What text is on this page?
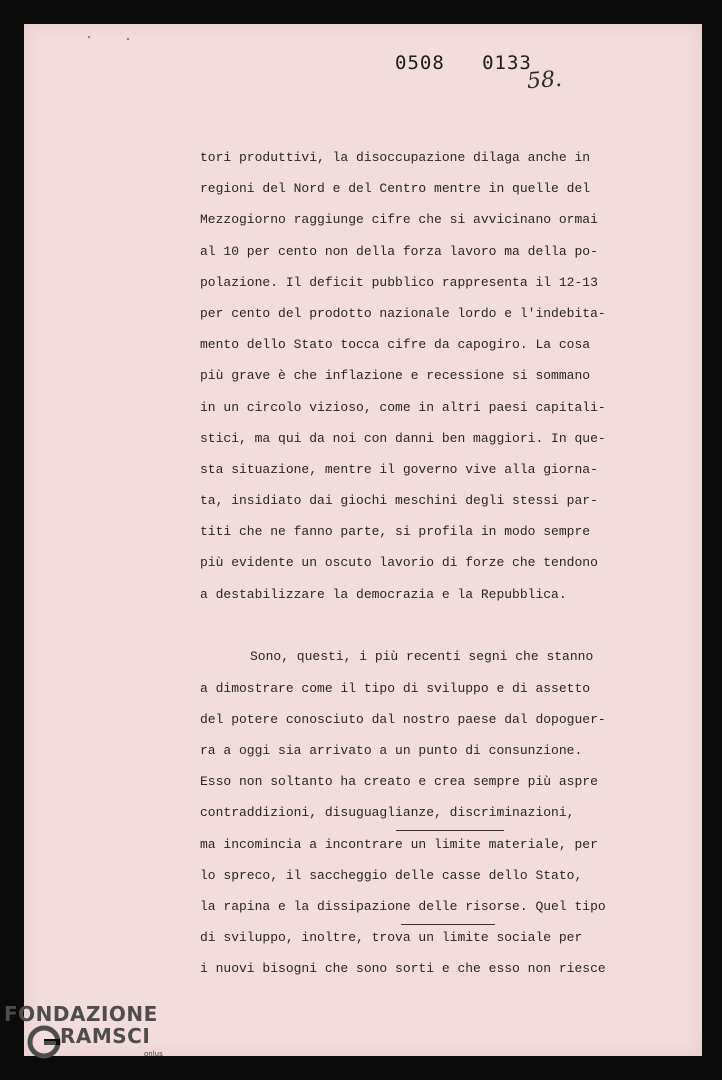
0508   0133
58.
tori produttivi, la disoccupazione dilaga anche in
regioni del Nord e del Centro mentre in quelle del
Mezzogiorno raggiunge cifre che si avvicinano ormai
al 10 per cento non della forza lavoro ma della po-
polazione. Il deficit pubblico rappresenta il 12-13
per cento del prodotto nazionale lordo e l'indebita-
mento dello Stato tocca cifre da capogiro. La cosa
più grave è che inflazione e recessione si sommano
in un circolo vizioso, come in altri paesi capitali-
stici, ma qui da noi con danni ben maggiori. In que-
sta situazione, mentre il governo vive alla giorna-
ta, insidiato dai giochi meschini degli stessi par-
titi che ne fanno parte, si profila in modo sempre
più evidente un oscuto lavorio di forze che tendono
a destabilizzare la democrazia e la Repubblica.
Sono, questi, i più recenti segni che stanno
a dimostrare come il tipo di sviluppo e di assetto
del potere conosciuto dal nostro paese dal dopoguer-
ra a oggi sia arrivato a un punto di consunzione.
Esso non soltanto ha creato e crea sempre più aspre
contraddizioni, disuguaglianze, discriminazioni,
ma incomincia a incontrare un limite materiale, per
lo spreco, il saccheggio delle casse dello Stato,
la rapina e la dissipazione delle risorse. Quel tipo
di sviluppo, inoltre, trova un limite sociale per
i nuovi bisogni che sono sorti e che esso non riesce
FONDAZIONE
RAMSCI
onlus
